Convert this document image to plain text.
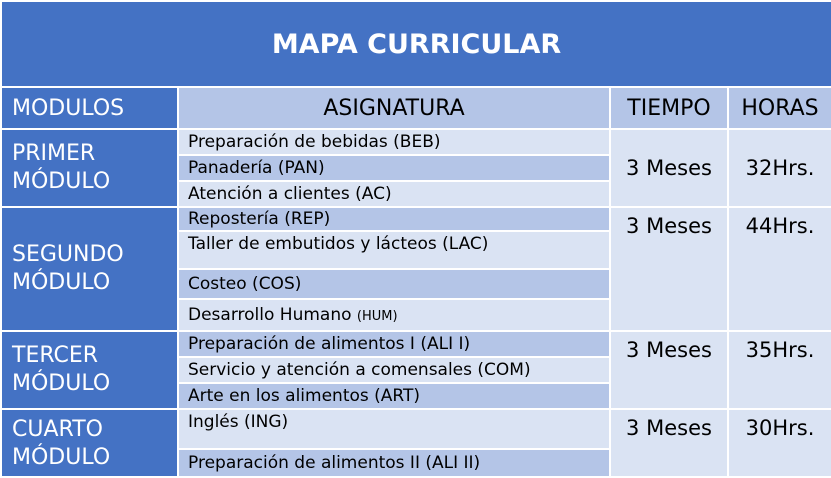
MAPA CURRICULAR			
MODULOS	ASIGNATURA	TIEMPO	HORAS

PRIMER
MÓDULO	Preparación de bebidas (BEB)	3 Meses	32Hrs.
	Panadería (PAN)		
	Atención a clientes (AC)		

SEGUNDO
MÓDULO	Repostería (REP)	3 Meses	44Hrs.
	Taller de embutidos y lácteos (LAC)		
	Costeo (COS)		
	Desarrollo Humano (HUM)		

TERCER
MÓDULO	Preparación de alimentos I (ALI I)	3 Meses	35Hrs.
	Servicio y atención a comensales (COM)		
	Arte en los alimentos (ART)		

CUARTO
MÓDULO	Inglés (ING)	3 Meses	30Hrs.
	Preparación de alimentos II (ALI II)		
